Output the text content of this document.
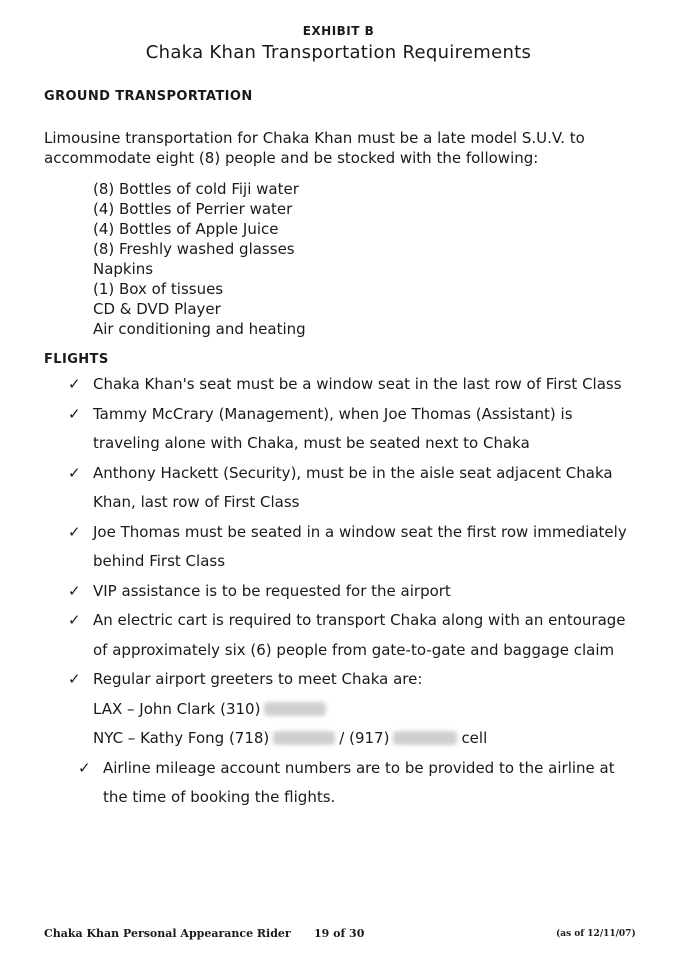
EXHIBIT B
Chaka Khan Transportation Requirements
GROUND TRANSPORTATION
Limousine transportation for Chaka Khan must be a late model S.U.V. to accommodate eight (8) people and be stocked with the following:
(8) Bottles of cold Fiji water
(4) Bottles of Perrier water
(4) Bottles of Apple Juice
(8) Freshly washed glasses
Napkins
(1) Box of tissues
CD & DVD Player
Air conditioning and heating
FLIGHTS
✓ Chaka Khan's seat must be a window seat in the last row of First Class
✓ Tammy McCrary (Management), when Joe Thomas (Assistant) is traveling alone with Chaka, must be seated next to Chaka
✓ Anthony Hackett (Security), must be in the aisle seat adjacent Chaka Khan, last row of First Class
✓ Joe Thomas must be seated in a window seat the first row immediately behind First Class
✓ VIP assistance is to be requested for the airport
✓ An electric cart is required to transport Chaka along with an entourage of approximately six (6) people from gate-to-gate and baggage claim
✓ Regular airport greeters to meet Chaka are:
LAX – John Clark (310)
NYC – Kathy Fong (718)	/ (917)	cell
✓ Airline mileage account numbers are to be provided to the airline at the time of booking the flights.
Chaka Khan Personal Appearance Rider 19 of 30	(as of 12/11/07)
